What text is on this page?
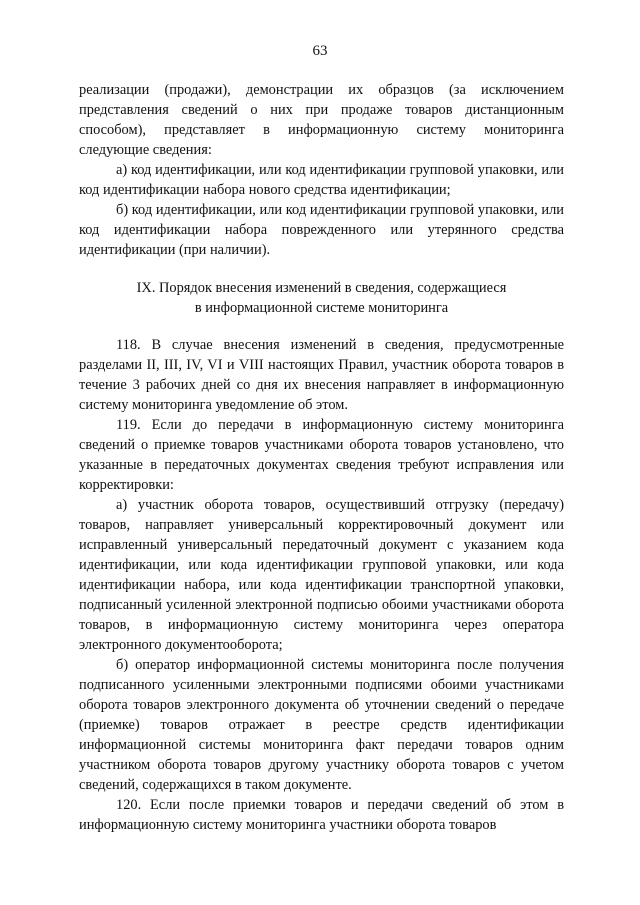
63

реализации (продажи), демонстрации их образцов (за исключением представления сведений о них при продаже товаров дистанционным способом), представляет в информационную систему мониторинга следующие сведения:

а) код идентификации, или код идентификации групповой упаковки, или код идентификации набора нового средства идентификации;

б) код идентификации, или код идентификации групповой упаковки, или код идентификации набора поврежденного или утерянного средства идентификации (при наличии).

IX. Порядок внесения изменений в сведения, содержащиеся
в информационной системе мониторинга

118. В случае внесения изменений в сведения, предусмотренные разделами II, III, IV, VI и VIII настоящих Правил, участник оборота товаров в течение 3 рабочих дней со дня их внесения направляет в информационную систему мониторинга уведомление об этом.

119. Если до передачи в информационную систему мониторинга сведений о приемке товаров участниками оборота товаров установлено, что указанные в передаточных документах сведения требуют исправления или корректировки:

а) участник оборота товаров, осуществивший отгрузку (передачу) товаров, направляет универсальный корректировочный документ или исправленный универсальный передаточный документ с указанием кода идентификации, или кода идентификации групповой упаковки, или кода идентификации набора, или кода идентификации транспортной упаковки, подписанный усиленной электронной подписью обоими участниками оборота товаров, в информационную систему мониторинга через оператора электронного документооборота;

б) оператор информационной системы мониторинга после получения подписанного усиленными электронными подписями обоими участниками оборота товаров электронного документа об уточнении сведений о передаче (приемке) товаров отражает в реестре средств идентификации информационной системы мониторинга факт передачи товаров одним участником оборота товаров другому участнику оборота товаров с учетом сведений, содержащихся в таком документе.

120. Если после приемки товаров и передачи сведений об этом в информационную систему мониторинга участники оборота товаров
